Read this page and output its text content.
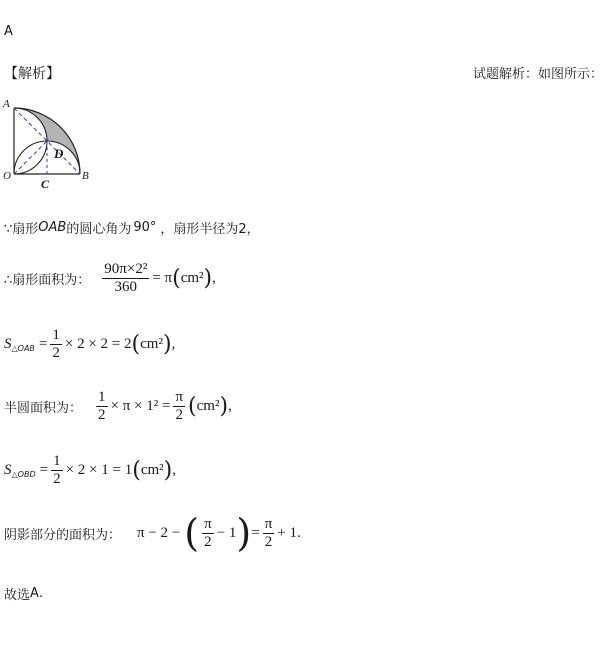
A
【解析】	试题解析：如图所示：
A
D
O
C
B
∵扇形 OAB 的圆心角为 90° ，扇形半径为2，
∴扇形面积为： $\frac{\text{90π×2²}}{360} = \pi$ ( cm² ) ,
S △OAB = $\frac{1}{2} \times 2 \times 2 = 2$ ( cm² ) ,
半圆面积为： $\frac{1}{2} \times \pi \times 1^2 = \frac{\pi}{2}$ ( cm² ) ,
S △OBD = $\frac{1}{2} \times 2 \times 1 = 1$ ( cm² ) ,
阴影部分的面积为： π − 2 − ( $\frac{\pi}{2} - 1$ ) = $\frac{\pi}{2} + 1$.
故选 A .
